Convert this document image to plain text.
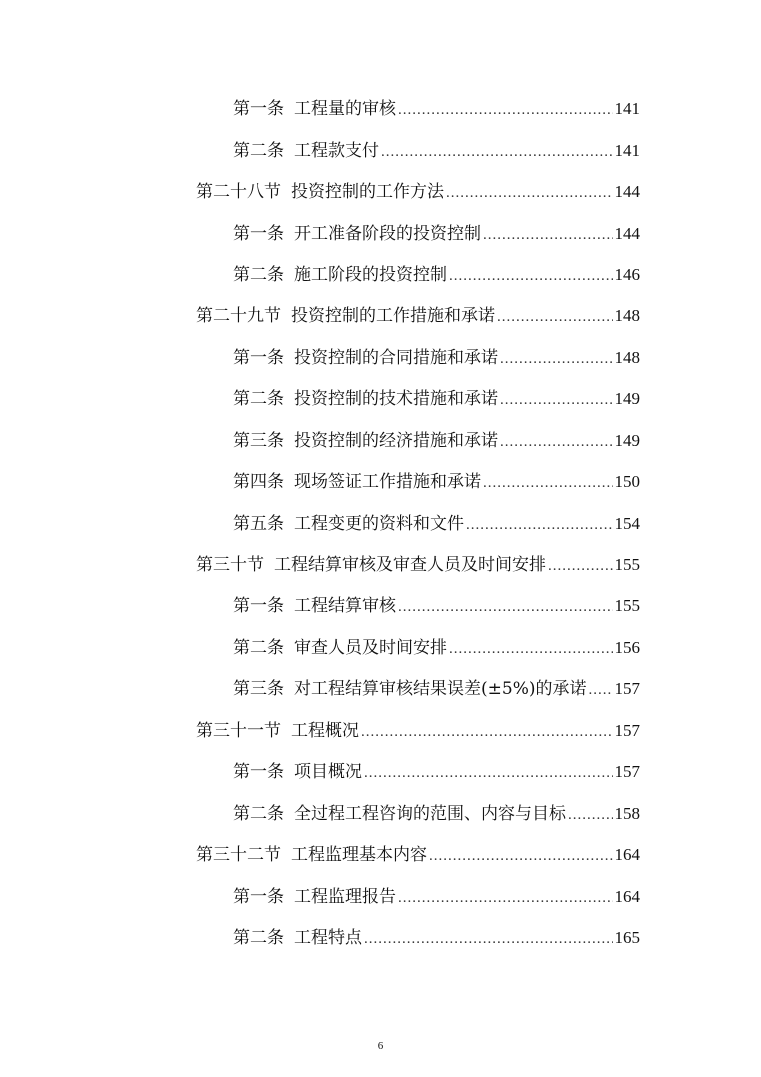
第一条 工程量的审核 .....	141
第二条 工程款支付 .....	141
第二十八节 投资控制的工作方法 .....	144
第一条 开工准备阶段的投资控制 .....	144
第二条 施工阶段的投资控制 .....	146
第二十九节 投资控制的工作措施和承诺 .....	148
第一条 投资控制的合同措施和承诺 .....	148
第二条 投资控制的技术措施和承诺 .....	149
第三条 投资控制的经济措施和承诺 .....	149
第四条 现场签证工作措施和承诺 .....	150
第五条 工程变更的资料和文件 .....	154
第三十节 工程结算审核及审查人员及时间安排 .....	155
第一条 工程结算审核 .....	155
第二条 审查人员及时间安排 .....	156
第三条 对工程结算审核结果误差(±5%)的承诺 ..... 157
第三十一节 工程概况 .....	157
第一条 项目概况 .....	157
第二条 全过程工程咨询的范围、内容与目标 .....	158
第三十二节 工程监理基本内容 .....	164
第一条 工程监理报告 .....	164
第二条 工程特点 .....	165
6
